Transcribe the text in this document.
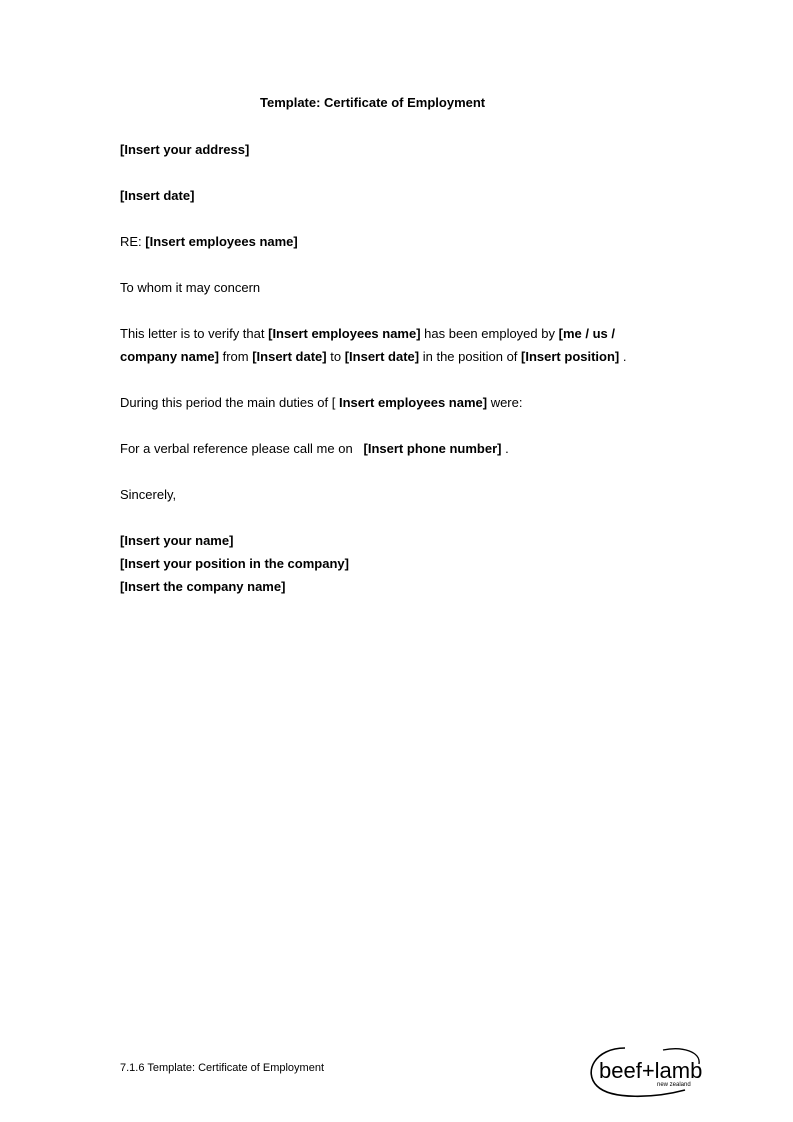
Template: Certificate of Employment
[Insert your address]
[Insert date]
RE: [Insert employees name]
To whom it may concern
This letter is to verify that [Insert employees name] has been employed by [me / us /
company name] from [Insert date] to [Insert date] in the position of [Insert position] .
During this period the main duties of [ Insert employees name] were:
For a verbal reference please call me on   [Insert phone number] .
Sincerely,
[Insert your name]
[Insert your position in the company]
[Insert the company name]
7.1.6 Template: Certificate of Employment	beef+lamb
new zealand
